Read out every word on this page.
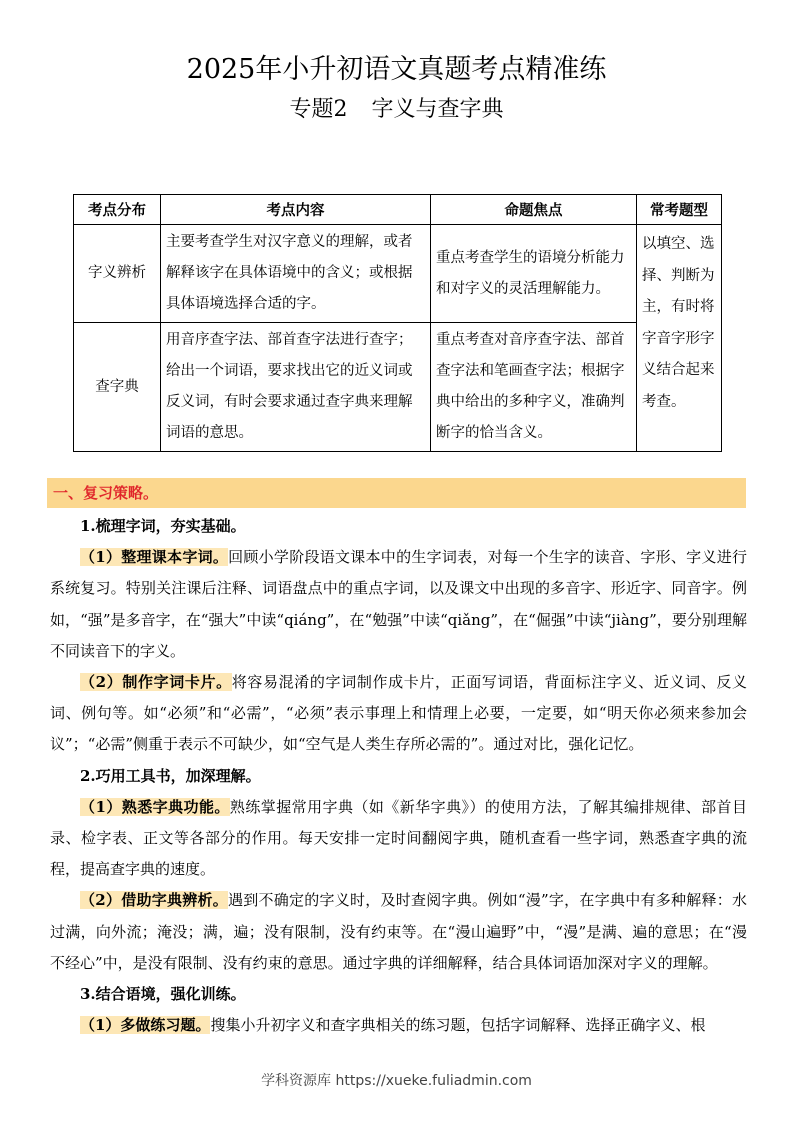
2025年小升初语文真题考点精准练
专题2 字义与查字典
考点分布	考点内容	命题焦点	常考题型
字义辨析	主要考查学生对汉字意义的理解，或者解释该字在具体语境中的含义；或根据具体语境选择合适的字。	重点考查学生的语境分析能力和对字义的灵活理解能力。	以填空、选择、判断为主，有时将字音字形字义结合起来考查。
查字典	用音序查字法、部首查字法进行查字；给出一个词语，要求找出它的近义词或反义词，有时会要求通过查字典来理解词语的意思。	重点考查对音序查字法、部首查字法和笔画查字法；根据字典中给出的多种字义，准确判断字的恰当含义。	
一、复习策略。

1.梳理字词，夯实基础。

（1）整理课本字词。回顾小学阶段语文课本中的生字词表，对每一个生字的读音、字形、字义进行系统复习。特别关注课后注释、词语盘点中的重点字词，以及课文中出现的多音字、形近字、同音字。例如，“强”是多音字，在“强大”中读“qiáng”，在“勉强”中读“qiǎng”，在“倔强”中读“jiàng”，要分别理解不同读音下的字义。

（2）制作字词卡片。将容易混淆的字词制作成卡片，正面写词语，背面标注字义、近义词、反义词、例句等。如“必须”和“必需”，“必须”表示事理上和情理上必要，一定要，如“明天你必须来参加会议”；“必需”侧重于表示不可缺少，如“空气是人类生存所必需的”。通过对比，强化记忆。

2.巧用工具书，加深理解。

（1）熟悉字典功能。熟练掌握常用字典（如《新华字典》）的使用方法，了解其编排规律、部首目录、检字表、正文等各部分的作用。每天安排一定时间翻阅字典，随机查看一些字词，熟悉查字典的流程，提高查字典的速度。

（2）借助字典辨析。遇到不确定的字义时，及时查阅字典。例如“漫”字，在字典中有多种解释：水过满，向外流；淹没；满，遍；没有限制，没有约束等。在“漫山遍野”中，“漫”是满、遍的意思；在“漫不经心”中，是没有限制、没有约束的意思。通过字典的详细解释，结合具体词语加深对字义的理解。

3.结合语境，强化训练。

（1）多做练习题。搜集小升初字义和查字典相关的练习题，包括字词解释、选择正确字义、根

学科资源库 https://xueke.fuliadmin.com
